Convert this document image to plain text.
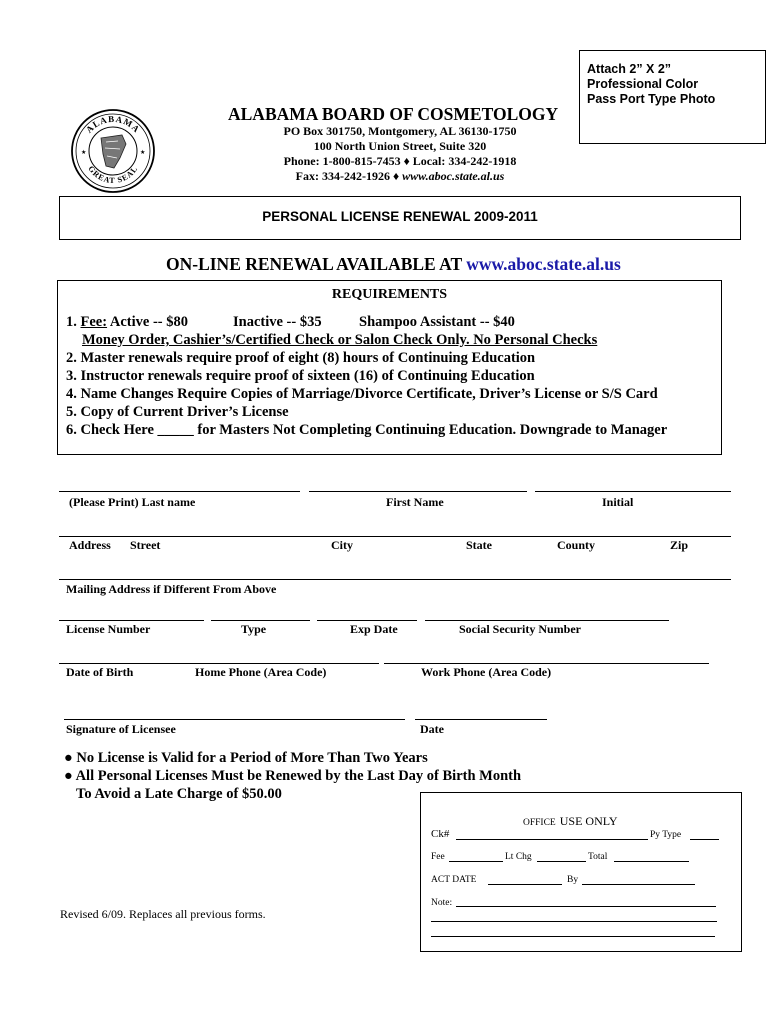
Attach 2” X 2”
Professional Color
Pass Port Type Photo
ALABAMA
GREAT SEAL
★	★
ALABAMA BOARD OF COSMETOLOGY
PO Box 301750, Montgomery, AL 36130-1750
100 North Union Street, Suite 320
Phone: 1-800-815-7453 ♦ Local: 334-242-1918
Fax: 334-242-1926 ♦ www.aboc.state.al.us
PERSONAL LICENSE RENEWAL 2009-2011
ON-LINE RENEWAL AVAILABLE AT www.aboc.state.al.us
REQUIREMENTS
1. Fee: Active -- $80	Inactive -- $35	Shampoo Assistant -- $40
Money Order, Cashier’s/Certified Check or Salon Check Only. No Personal Checks
2. Master renewals require proof of eight (8) hours of Continuing Education
3. Instructor renewals require proof of sixteen (16) of Continuing Education
4. Name Changes Require Copies of Marriage/Divorce Certificate, Driver’s License or S/S Card
5. Copy of Current Driver’s License
6. Check Here _____ for Masters Not Completing Continuing Education. Downgrade to Manager
(Please Print) Last name	First Name	Initial
Address Street	City	State	County	Zip
Mailing Address if Different From Above
License Number	Type	Exp Date	Social Security Number
Date of Birth	Home Phone (Area Code)	Work Phone (Area Code)
Signature of Licensee	Date
● No License is Valid for a Period of More Than Two Years
● All Personal Licenses Must be Renewed by the Last Day of Birth Month
To Avoid a Late Charge of $50.00
Revised 6/09. Replaces all previous forms.
OFFICE USE ONLY
Ck#	Py Type
Fee	Lt Chg	Total
ACT DATE	By
Note:
